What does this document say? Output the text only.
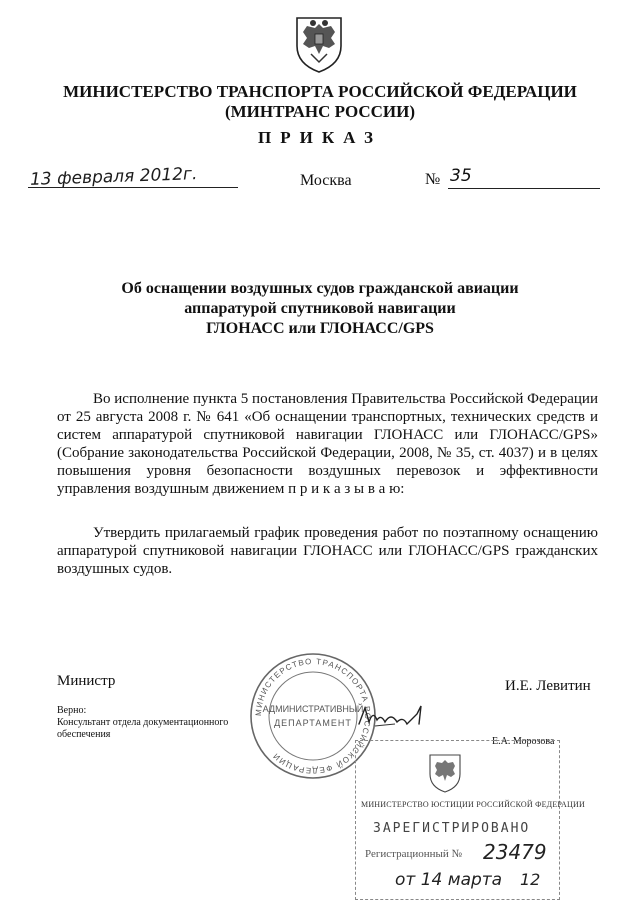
МИНИСТЕРСТВО ТРАНСПОРТА РОССИЙСКОЙ ФЕДЕРАЦИИ
(МИНТРАНС РОССИИ)
ПРИКАЗ
13 февраля 2012г.	Москва	№ 35
Об оснащении воздушных судов гражданской авиации
аппаратурой спутниковой навигации
ГЛОНАСС или ГЛОНАСС/GPS

Во исполнение пункта 5 постановления Правительства Российской Федерации от 25 августа 2008 г. № 641 «Об оснащении транспортных, технических средств и систем аппаратурой спутниковой навигации ГЛОНАСС или ГЛОНАСС/GPS» (Собрание законодательства Российской Федерации, 2008, № 35, ст. 4037) и в целях повышения уровня безопасности воздушных перевозок и эффективности управления воздушным движением п р и к а з ы в а ю:

Утвердить прилагаемый график проведения работ по поэтапному оснащению аппаратурой спутниковой навигации ГЛОНАСС или ГЛОНАСС/GPS гражданских воздушных судов.

Министр	И.Е. Левитин
Верно:
Консультант отдела документационного обеспечения
Е.А. Морозова
МИНИСТЕРСТВО ТРАНСПОРТА РОССИЙСКОЙ ФЕДЕРАЦИИ
АДМИНИСТРАТИВНЫЙ
ДЕПАРТАМЕНТ
МИНИСТЕРСТВО ЮСТИЦИИ РОССИЙСКОЙ ФЕДЕРАЦИИ
ЗАРЕГИСТРИРОВАНО
Регистрационный № 23479
от 14 марта 12
